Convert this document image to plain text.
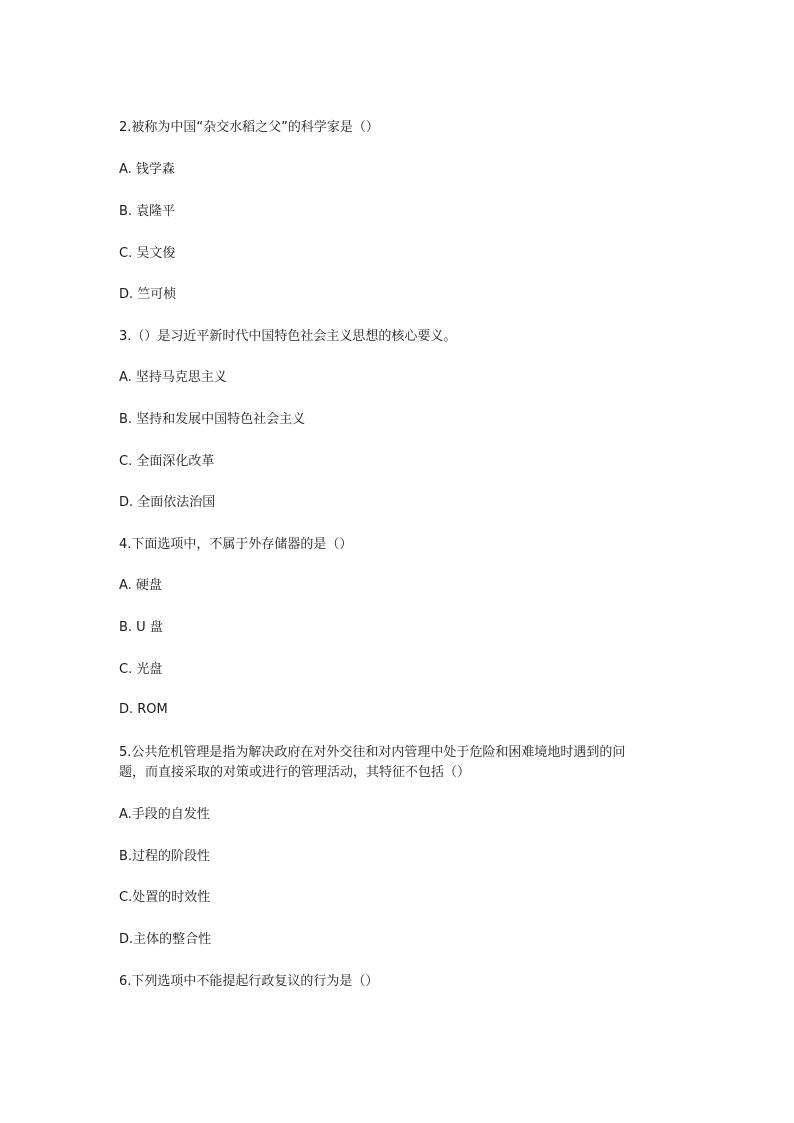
2.被称为中国“杂交水稻之父”的科学家是（）
A. 钱学森
B. 袁隆平
C. 吴文俊
D. 竺可桢
3.（）是习近平新时代中国特色社会主义思想的核心要义。
A. 坚持马克思主义
B. 坚持和发展中国特色社会主义
C. 全面深化改革
D. 全面依法治国
4.下面选项中，不属于外存储器的是（）
A. 硬盘
B. U 盘
C. 光盘
D. ROM
5.公共危机管理是指为解决政府在对外交往和对内管理中处于危险和困难境地时遇到的问
题，而直接采取的对策或进行的管理活动，其特征不包括（）
A.手段的自发性
B.过程的阶段性
C.处置的时效性
D.主体的整合性
6.下列选项中不能提起行政复议的行为是（）
